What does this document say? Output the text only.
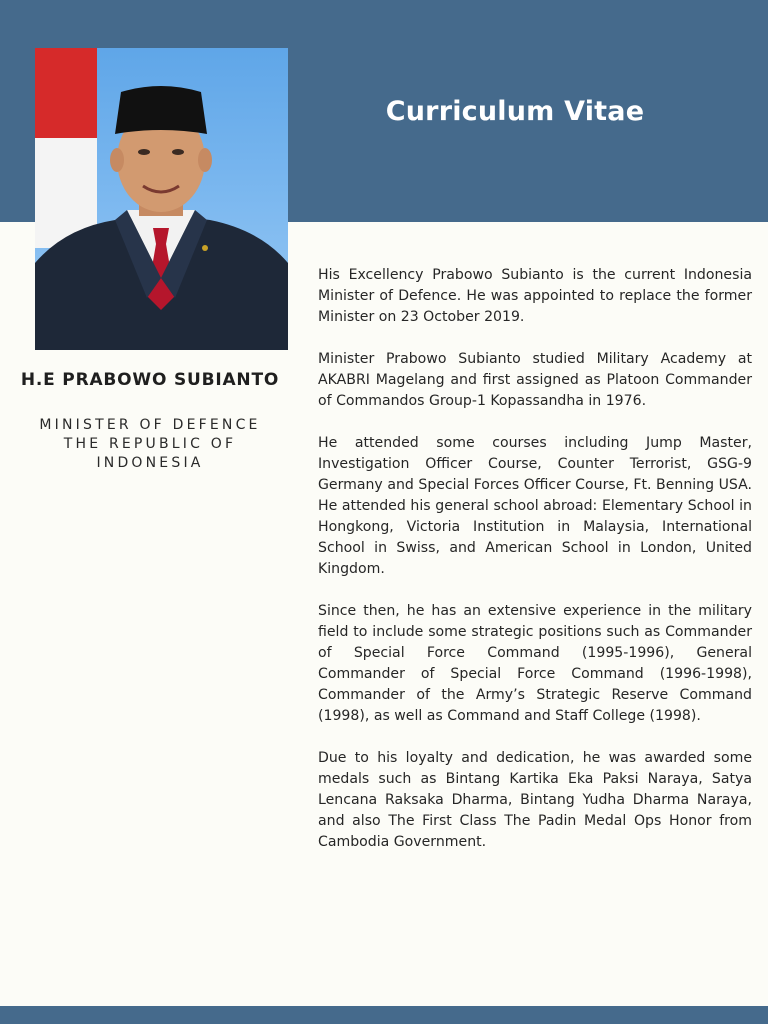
Curriculum Vitae
H.E PRABOWO SUBIANTO
MINISTER OF DEFENCE
THE REPUBLIC OF
INDONESIA

His Excellency Prabowo Subianto is the current Indonesia Minister of Defence. He was appointed to replace the former Minister on 23 October 2019.

Minister Prabowo Subianto studied Military Academy at AKABRI Magelang and first assigned as Platoon Commander of Commandos Group-1 Kopassandha in 1976.

He attended some courses including Jump Master, Investigation Officer Course, Counter Terrorist, GSG-9 Germany and Special Forces Officer Course, Ft. Benning USA. He attended his general school abroad: Elementary School in Hongkong, Victoria Institution in Malaysia, International School in Swiss, and American School in London, United Kingdom.

Since then, he has an extensive experience in the military field to include some strategic positions such as Commander of Special Force Command (1995-1996), General Commander of Special Force Command (1996-1998), Commander of the Army’s Strategic Reserve Command (1998), as well as Command and Staff College (1998).

Due to his loyalty and dedication, he was awarded some medals such as Bintang Kartika Eka Paksi Naraya, Satya Lencana Raksaka Dharma, Bintang Yudha Dharma Naraya, and also The First Class The Padin Medal Ops Honor from Cambodia Government.
